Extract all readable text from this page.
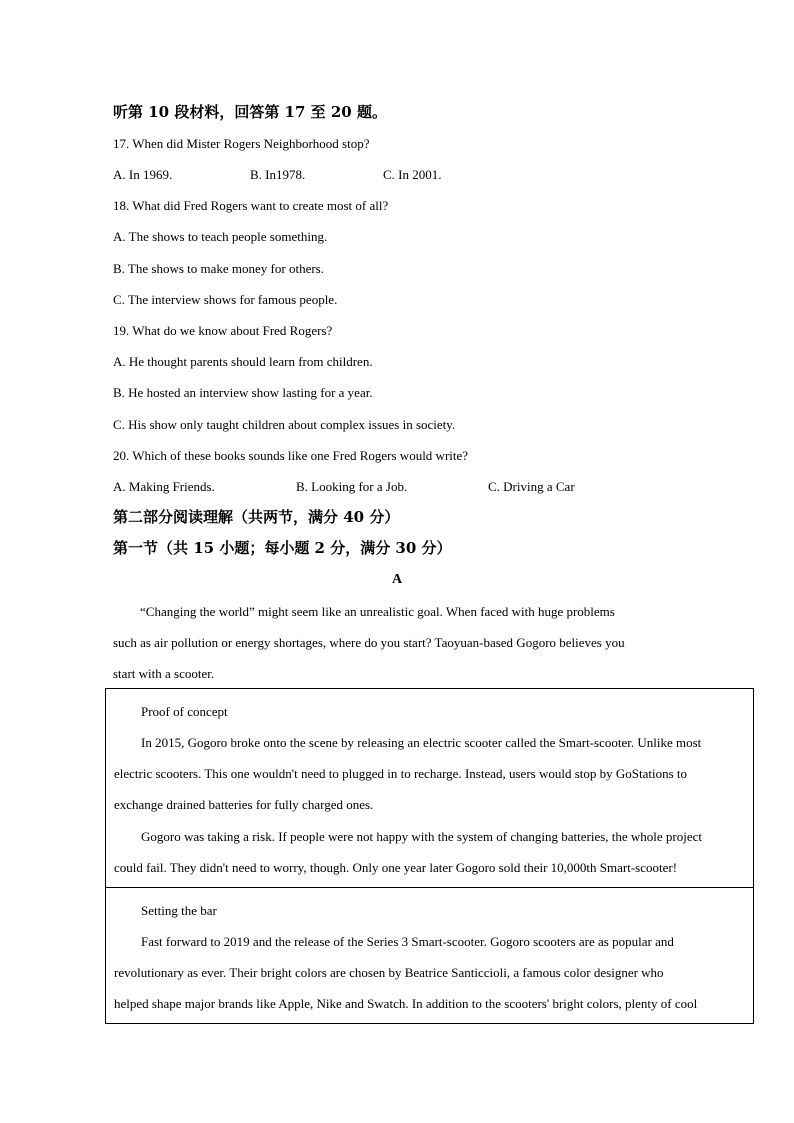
听第 10 段材料，回答第 17 至 20 题。
17. When did Mister Rogers Neighborhood stop?
A. In 1969.	B. In1978.	C. In 2001.
18. What did Fred Rogers want to create most of all?
A. The shows to teach people something.
B. The shows to make money for others.
C. The interview shows for famous people.
19. What do we know about Fred Rogers?
A. He thought parents should learn from children.
B. He hosted an interview show lasting for a year.
C. His show only taught children about complex issues in society.
20. Which of these books sounds like one Fred Rogers would write?
A. Making Friends.	B. Looking for a Job.	C. Driving a Car
第二部分阅读理解（共两节，满分 40 分）
第一节（共 15 小题；每小题 2 分，满分 30 分）
A
“Changing the world” might seem like an unrealistic goal. When faced with huge problems
such as air pollution or energy shortages, where do you start? Taoyuan-based Gogoro believes you
start with a scooter.
Proof of concept
In 2015, Gogoro broke onto the scene by releasing an electric scooter called the Smart-scooter. Unlike most
electric scooters. This one wouldn't need to plugged in to recharge. Instead, users would stop by GoStations to
exchange drained batteries for fully charged ones.
Gogoro was taking a risk. If people were not happy with the system of changing batteries, the whole project
could fail. They didn't need to worry, though. Only one year later Gogoro sold their 10,000th Smart-scooter!
Setting the bar
Fast forward to 2019 and the release of the Series 3 Smart-scooter. Gogoro scooters are as popular and
revolutionary as ever. Their bright colors are chosen by Beatrice Santiccioli, a famous color designer who
helped shape major brands like Apple, Nike and Swatch. In addition to the scooters' bright colors, plenty of cool
